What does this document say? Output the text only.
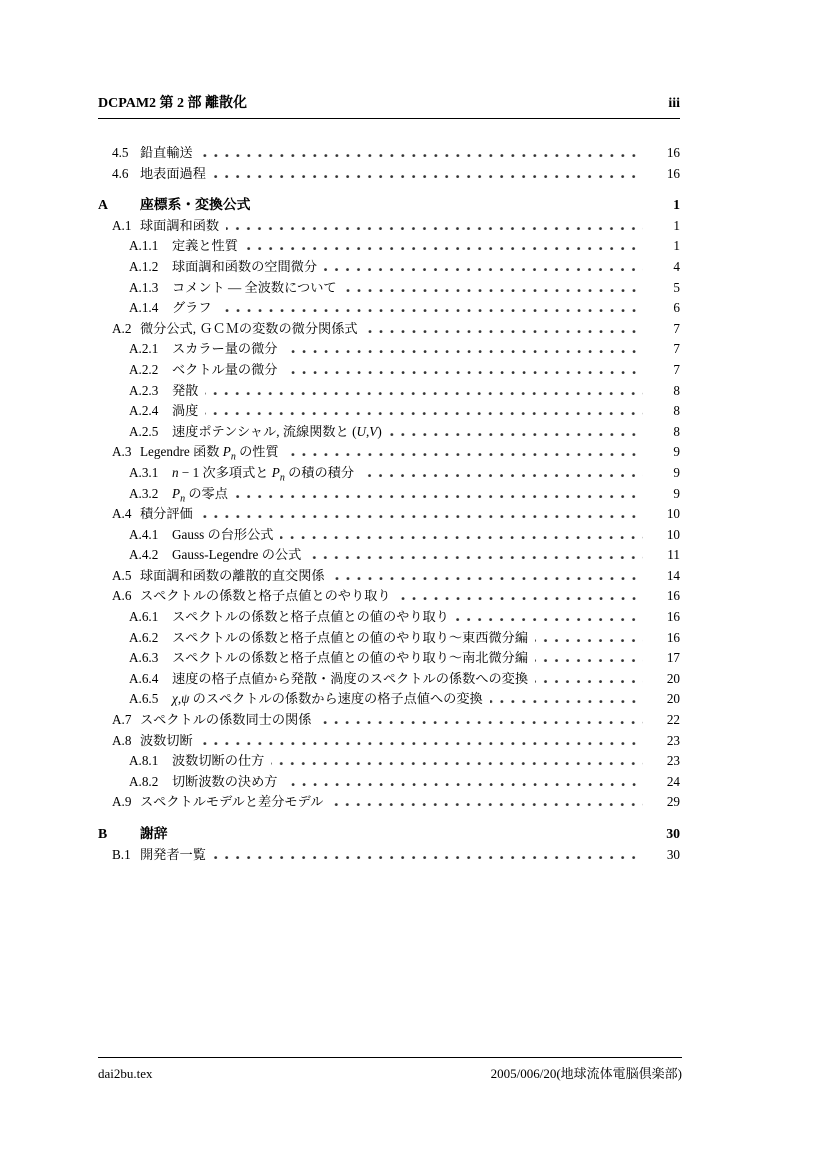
DCPAM2 第 2 部 離散化	iii
4.5 鉛直輸送	16
4.6 地表面過程	16
A	座標系・変換公式	1
A.1 球面調和函数	1
A.1.1	定義と性質	1
A.1.2	球面調和函数の空間微分	4
A.1.3	コメント — 全波数について	5
A.1.4	グラフ	6
A.2 微分公式, ＧＣＭの変数の微分関係式	7
A.2.1	スカラー量の微分	7
A.2.2	ベクトル量の微分	7
A.2.3	発散	8
A.2.4	渦度	8
A.2.5	速度ポテンシャル, 流線関数と (U,V)	8
A.3 Legendre 函数 $P_n$ の性質	9
A.3.1	n − 1 次多項式と $P_n$ の積の積分	9
A.3.2	$P_n$ の零点	9
A.4 積分評価	10
A.4.1	Gauss の台形公式	10
A.4.2	Gauss-Legendre の公式	11
A.5 球面調和函数の離散的直交関係	14
A.6 スペクトルの係数と格子点値とのやり取り	16
A.6.1	スペクトルの係数と格子点値との値のやり取り	16
A.6.2	スペクトルの係数と格子点値との値のやり取り〜東西微分編	16
A.6.3	スペクトルの係数と格子点値との値のやり取り〜南北微分編	17
A.6.4	速度の格子点値から発散・渦度のスペクトルの係数への変換	20
A.6.5	χ,ψ のスペクトルの係数から速度の格子点値への変換	20
A.7 スペクトルの係数同士の関係	22
A.8 波数切断	23
A.8.1	波数切断の仕方	23
A.8.2	切断波数の決め方	24
A.9 スペクトルモデルと差分モデル	29
B	謝辞	30
B.1 開発者一覧	30
dai2bu.tex	2005/006/20(地球流体電脳倶楽部)
